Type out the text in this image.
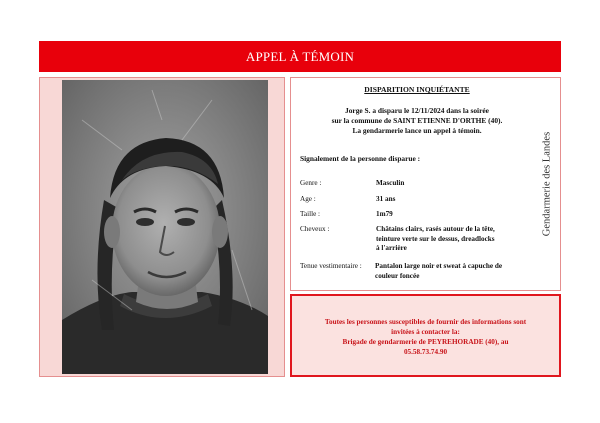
APPEL À TÉMOIN
DISPARITION INQUIÉTANTE
Jorge S. a disparu le 12/11/2024 dans la soirée
sur la commune de SAINT ETIENNE D'ORTHE (40).
La gendarmerie lance un appel à témoin.
Signalement de la personne disparue :
Genre :	Masculin
Age :	31 ans
Taille :	1m79
Cheveux :	Châtains clairs, rasés autour de la tête,
teinture verte sur le dessus, dreadlocks
à l'arrière
Tenue vestimentaire : Pantalon large noir et sweat à capuche de
couleur foncée
Gendarmerie des Landes
Toutes les personnes susceptibles de fournir des informations sont
invitées à contacter la:
Brigade de gendarmerie de PEYREHORADE (40), au
05.58.73.74.90
